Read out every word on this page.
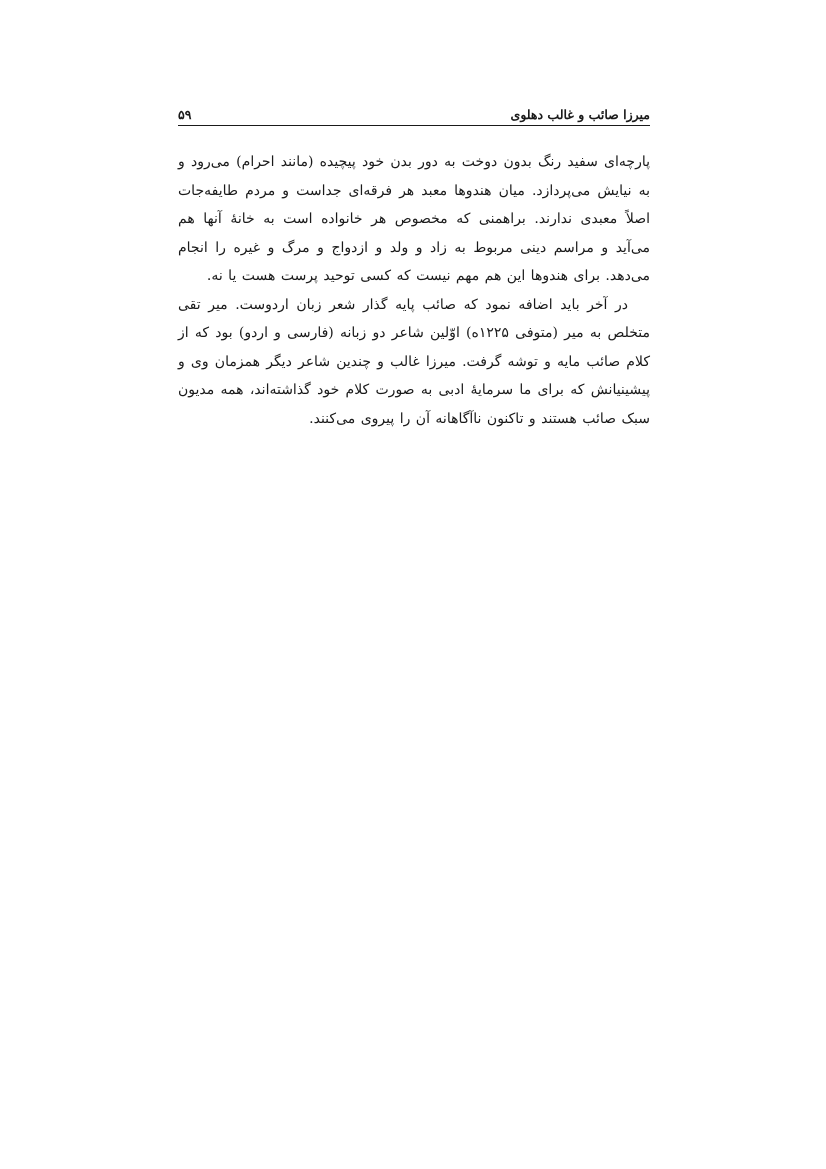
میرزا صائب و غالب دهلوی
۵۹

پارچه‌ای سفید رنگ بدون دوخت به دور بدن خود پیچیده (مانند احرام) می‌رود و به نیایش می‌پردازد. میان هندوها معبد هر فرقه‌ای جداست و مردم طایفه‌جات اصلاً معبدی ندارند. براهمنی که مخصوص هر خانواده است به خانهٔ آنها هم می‌آید و مراسم دینی مربوط به زاد و ولد و ازدواج و مرگ و غیره را انجام می‌دهد. برای هندوها این هم مهم نیست که کسی توحید پرست هست یا نه.

در آخر باید اضافه نمود که صائب پایه گذار شعر زبان اردوست. میر تقی متخلص به میر (متوفی ۱۲۲۵ه) اوّلین شاعر دو زبانه (فارسی و اردو) بود که از کلام صائب مایه و توشه گرفت. میرزا غالب و چندین شاعر دیگر همزمان وی و پیشینیانش که برای ما سرمایهٔ ادبی به صورت کلام خود گذاشته‌اند، همه مدیون سبک صائب هستند و تاکنون ناآگاهانه آن را پیروی می‌کنند.
